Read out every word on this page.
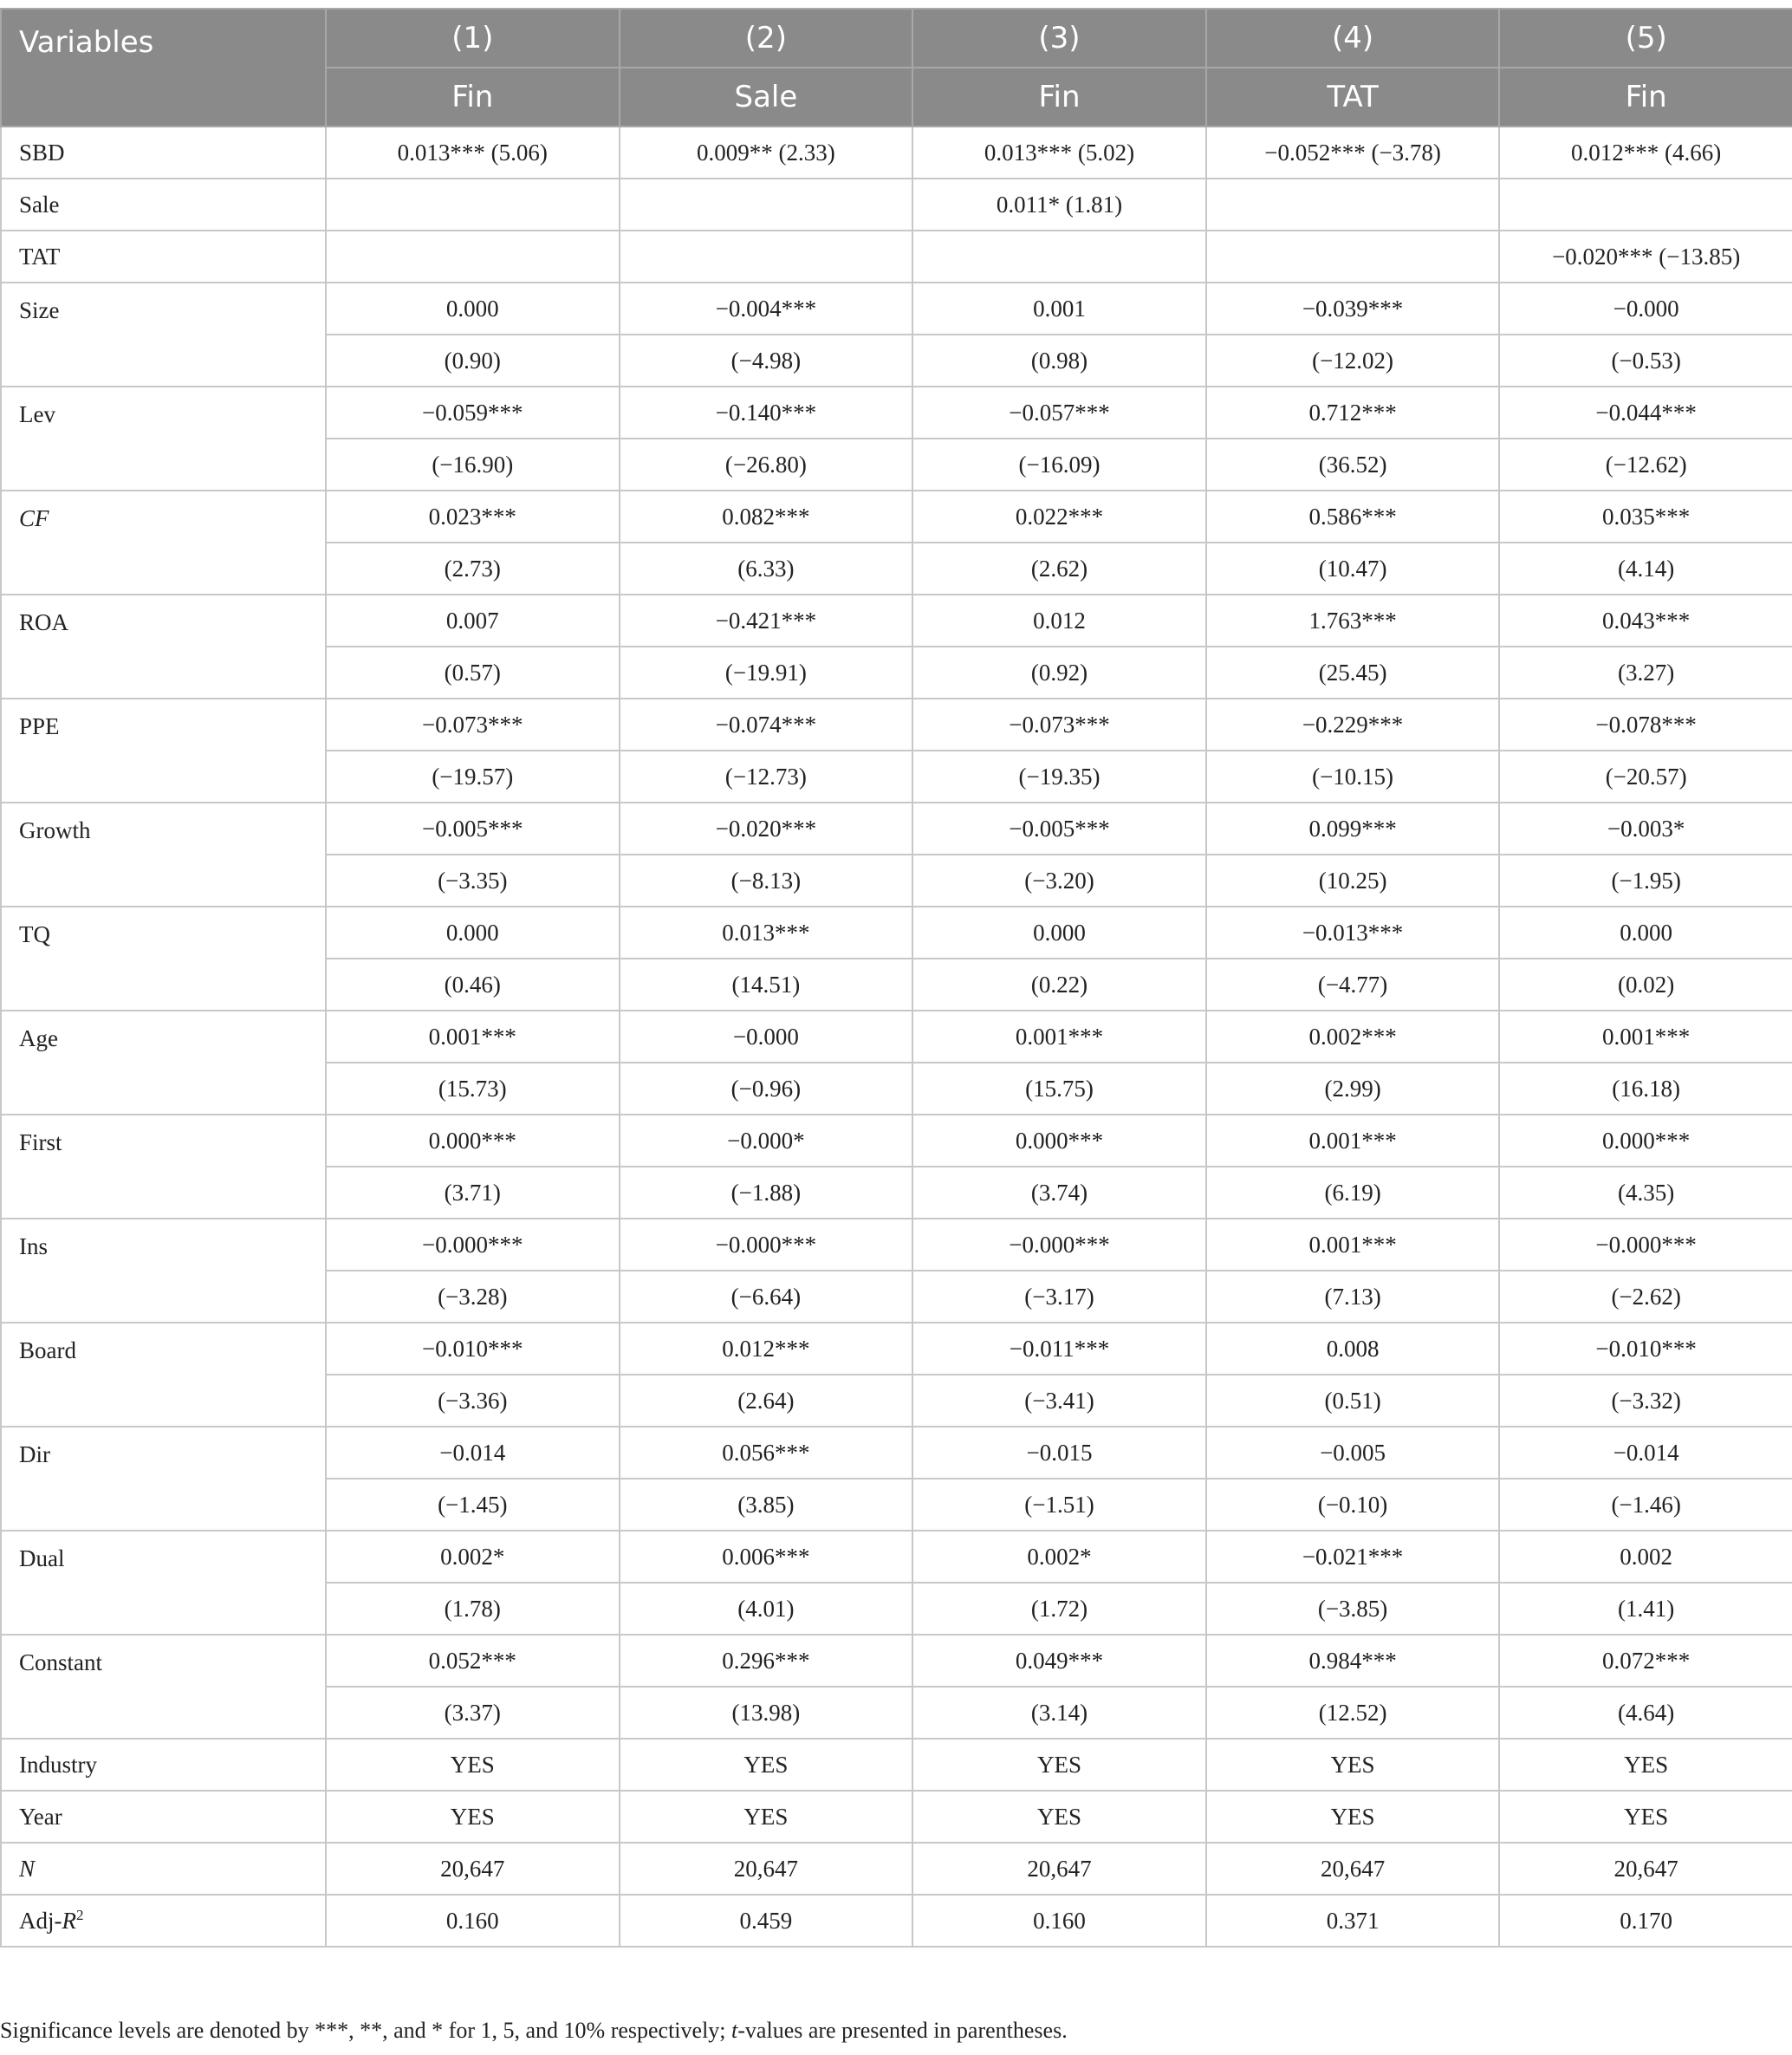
Variables	(1)	(2)	(3)	(4)	(5)
	Fin	Sale	Fin	TAT	Fin
SBD	0.013*** (5.06)	0.009** (2.33)	0.013*** (5.02)	−0.052*** (−3.78)	0.012*** (4.66)
Sale			0.011* (1.81)		
TAT					−0.020*** (−13.85)
Size	0.000	−0.004***	0.001	−0.039***	−0.000
	(0.90)	(−4.98)	(0.98)	(−12.02)	(−0.53)
Lev	−0.059***	−0.140***	−0.057***	0.712***	−0.044***
	(−16.90)	(−26.80)	(−16.09)	(36.52)	(−12.62)
CF	0.023***	0.082***	0.022***	0.586***	0.035***
	(2.73)	(6.33)	(2.62)	(10.47)	(4.14)
ROA	0.007	−0.421***	0.012	1.763***	0.043***
	(0.57)	(−19.91)	(0.92)	(25.45)	(3.27)
PPE	−0.073***	−0.074***	−0.073***	−0.229***	−0.078***
	(−19.57)	(−12.73)	(−19.35)	(−10.15)	(−20.57)
Growth	−0.005***	−0.020***	−0.005***	0.099***	−0.003*
	(−3.35)	(−8.13)	(−3.20)	(10.25)	(−1.95)
TQ	0.000	0.013***	0.000	−0.013***	0.000
	(0.46)	(14.51)	(0.22)	(−4.77)	(0.02)
Age	0.001***	−0.000	0.001***	0.002***	0.001***
	(15.73)	(−0.96)	(15.75)	(2.99)	(16.18)
First	0.000***	−0.000*	0.000***	0.001***	0.000***
	(3.71)	(−1.88)	(3.74)	(6.19)	(4.35)
Ins	−0.000***	−0.000***	−0.000***	0.001***	−0.000***
	(−3.28)	(−6.64)	(−3.17)	(7.13)	(−2.62)
Board	−0.010***	0.012***	−0.011***	0.008	−0.010***
	(−3.36)	(2.64)	(−3.41)	(0.51)	(−3.32)
Dir	−0.014	0.056***	−0.015	−0.005	−0.014
	(−1.45)	(3.85)	(−1.51)	(−0.10)	(−1.46)
Dual	0.002*	0.006***	0.002*	−0.021***	0.002
	(1.78)	(4.01)	(1.72)	(−3.85)	(1.41)
Constant	0.052***	0.296***	0.049***	0.984***	0.072***
	(3.37)	(13.98)	(3.14)	(12.52)	(4.64)
Industry	YES	YES	YES	YES	YES
Year	YES	YES	YES	YES	YES
N	20,647	20,647	20,647	20,647	20,647
Adj-$R^2$	0.160	0.459	0.160	0.371	0.170
Significance levels are denoted by ***, **, and * for 1, 5, and 10% respectively; t-values are presented in parentheses.
